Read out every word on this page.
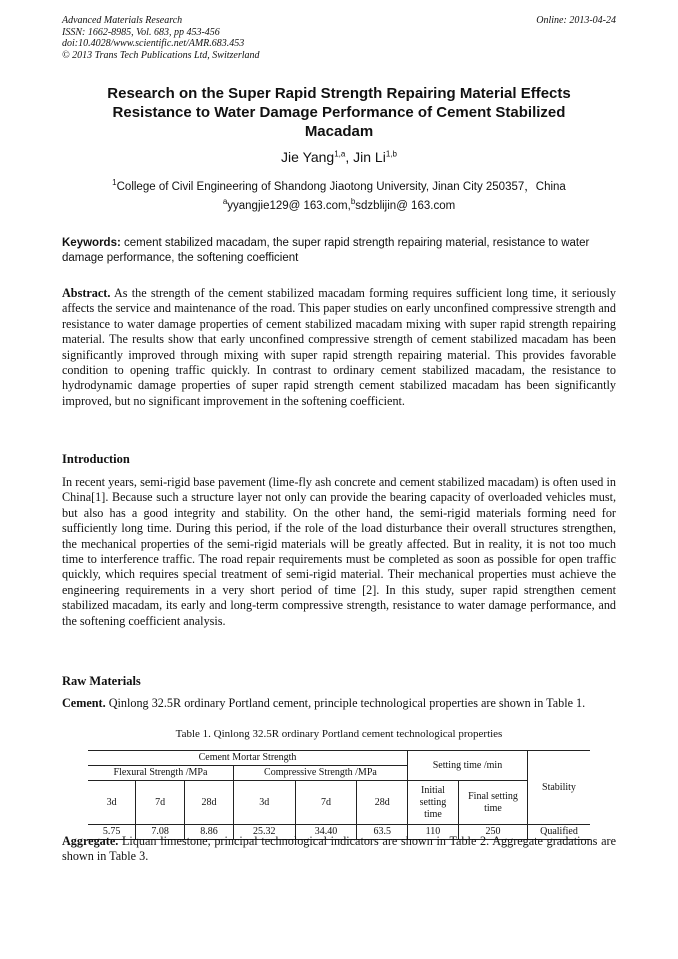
Advanced Materials Research
ISSN: 1662-8985, Vol. 683, pp 453-456
doi:10.4028/www.scientific.net/AMR.683.453
© 2013 Trans Tech Publications Ltd, Switzerland
Online: 2013-04-24
Research on the Super Rapid Strength Repairing Material Effects
Resistance to Water Damage Performance of Cement Stabilized
Macadam
Jie Yang$^{1,a}$, Jin Li$^{1,b}$
$^1$College of Civil Engineering of Shandong Jiaotong University, Jinan City 250357，China
$^a$yyangjie129@ 163.com,$^b$sdzblijin@ 163.com
Keywords: cement stabilized macadam, the super rapid strength repairing material, resistance to water damage performance, the softening coefficient
Abstract. As the strength of the cement stabilized macadam forming requires sufficient long time, it seriously affects the service and maintenance of the road. This paper studies on early unconfined compressive strength and resistance to water damage properties of cement stabilized macadam mixing with super rapid strength repairing material. The results show that early unconfined compressive strength of cement stabilized macadam has been significantly improved through mixing with super rapid strength repairing material. This provides favorable condition to opening traffic quickly. In contrast to ordinary cement stabilized macadam, the resistance to hydrodynamic damage properties of super rapid strength cement stabilized macadam has been significantly improved, but no significant improvement in the softening coefficient.
Introduction
In recent years, semi-rigid base pavement (lime-fly ash concrete and cement stabilized macadam) is often used in China[1]. Because such a structure layer not only can provide the bearing capacity of overloaded vehicles must, but also has a good integrity and stability. On the other hand, the semi-rigid materials forming need for sufficiently long time. During this period, if the role of the load disturbance their overall structures strengthen, the mechanical properties of the semi-rigid materials will be greatly affected. But in reality, it is not too much time to interference traffic. The road repair requirements must be completed as soon as possible for open traffic quickly, which requires special treatment of semi-rigid material. Their mechanical properties must achieve the engineering requirements in a very short period of time [2]. In this study, super rapid strengthen cement stabilized macadam, its early and long-term compressive strength, resistance to water damage performance, and the softening coefficient analysis.
Raw Materials
Cement. Qinlong 32.5R ordinary Portland cement, principle technological properties are shown in Table 1.
Table 1. Qinlong 32.5R ordinary Portland cement technological properties
Cement Mortar Strength						Setting time /min		Stability
Flexural Strength /MPa			Compressive Strength /MPa					
3d	7d	28d	3d	7d	28d	Initial setting time	Final setting time	
5.75	7.08	8.86	25.32	34.40	63.5	110	250	Qualified
Aggregate. Liquan limestone, principal technological indicators are shown in Table 2. Aggregate gradations are shown in Table 3.
